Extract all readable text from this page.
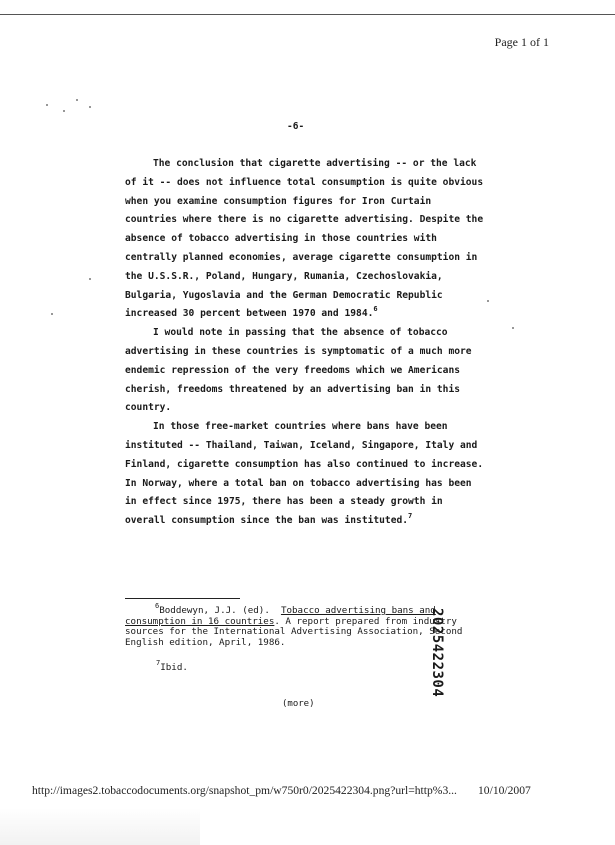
Page 1 of 1
-6-

The conclusion that cigarette advertising -- or the lack of it -- does not influence total consumption is quite obvious when you examine consumption figures for Iron Curtain countries where there is no cigarette advertising. Despite the absence of tobacco advertising in those countries with centrally planned economies, average cigarette consumption in the U.S.S.R., Poland, Hungary, Rumania, Czechoslovakia, Bulgaria, Yugoslavia and the German Democratic Republic increased 30 percent between 1970 and 1984.$^6$

I would note in passing that the absence of tobacco advertising in these countries is symptomatic of a much more endemic repression of the very freedoms which we Americans cherish, freedoms threatened by an advertising ban in this country.

In those free-market countries where bans have been instituted -- Thailand, Taiwan, Iceland, Singapore, Italy and Finland, cigarette consumption has also continued to increase. In Norway, where a total ban on tobacco advertising has been in effect since 1975, there has been a steady growth in overall consumption since the ban was instituted.$^7$

$^6$Boddewyn, J.J. (ed). Tobacco advertising bans and consumption in 16 countries. A report prepared from industry sources for the International Advertising Association, Second English edition, April, 1986.
$^7$Ibid.	2025422304
(more)
http://images2.tobaccodocuments.org/snapshot_pm/w750r0/2025422304.png?url=http%3... 10/10/2007
